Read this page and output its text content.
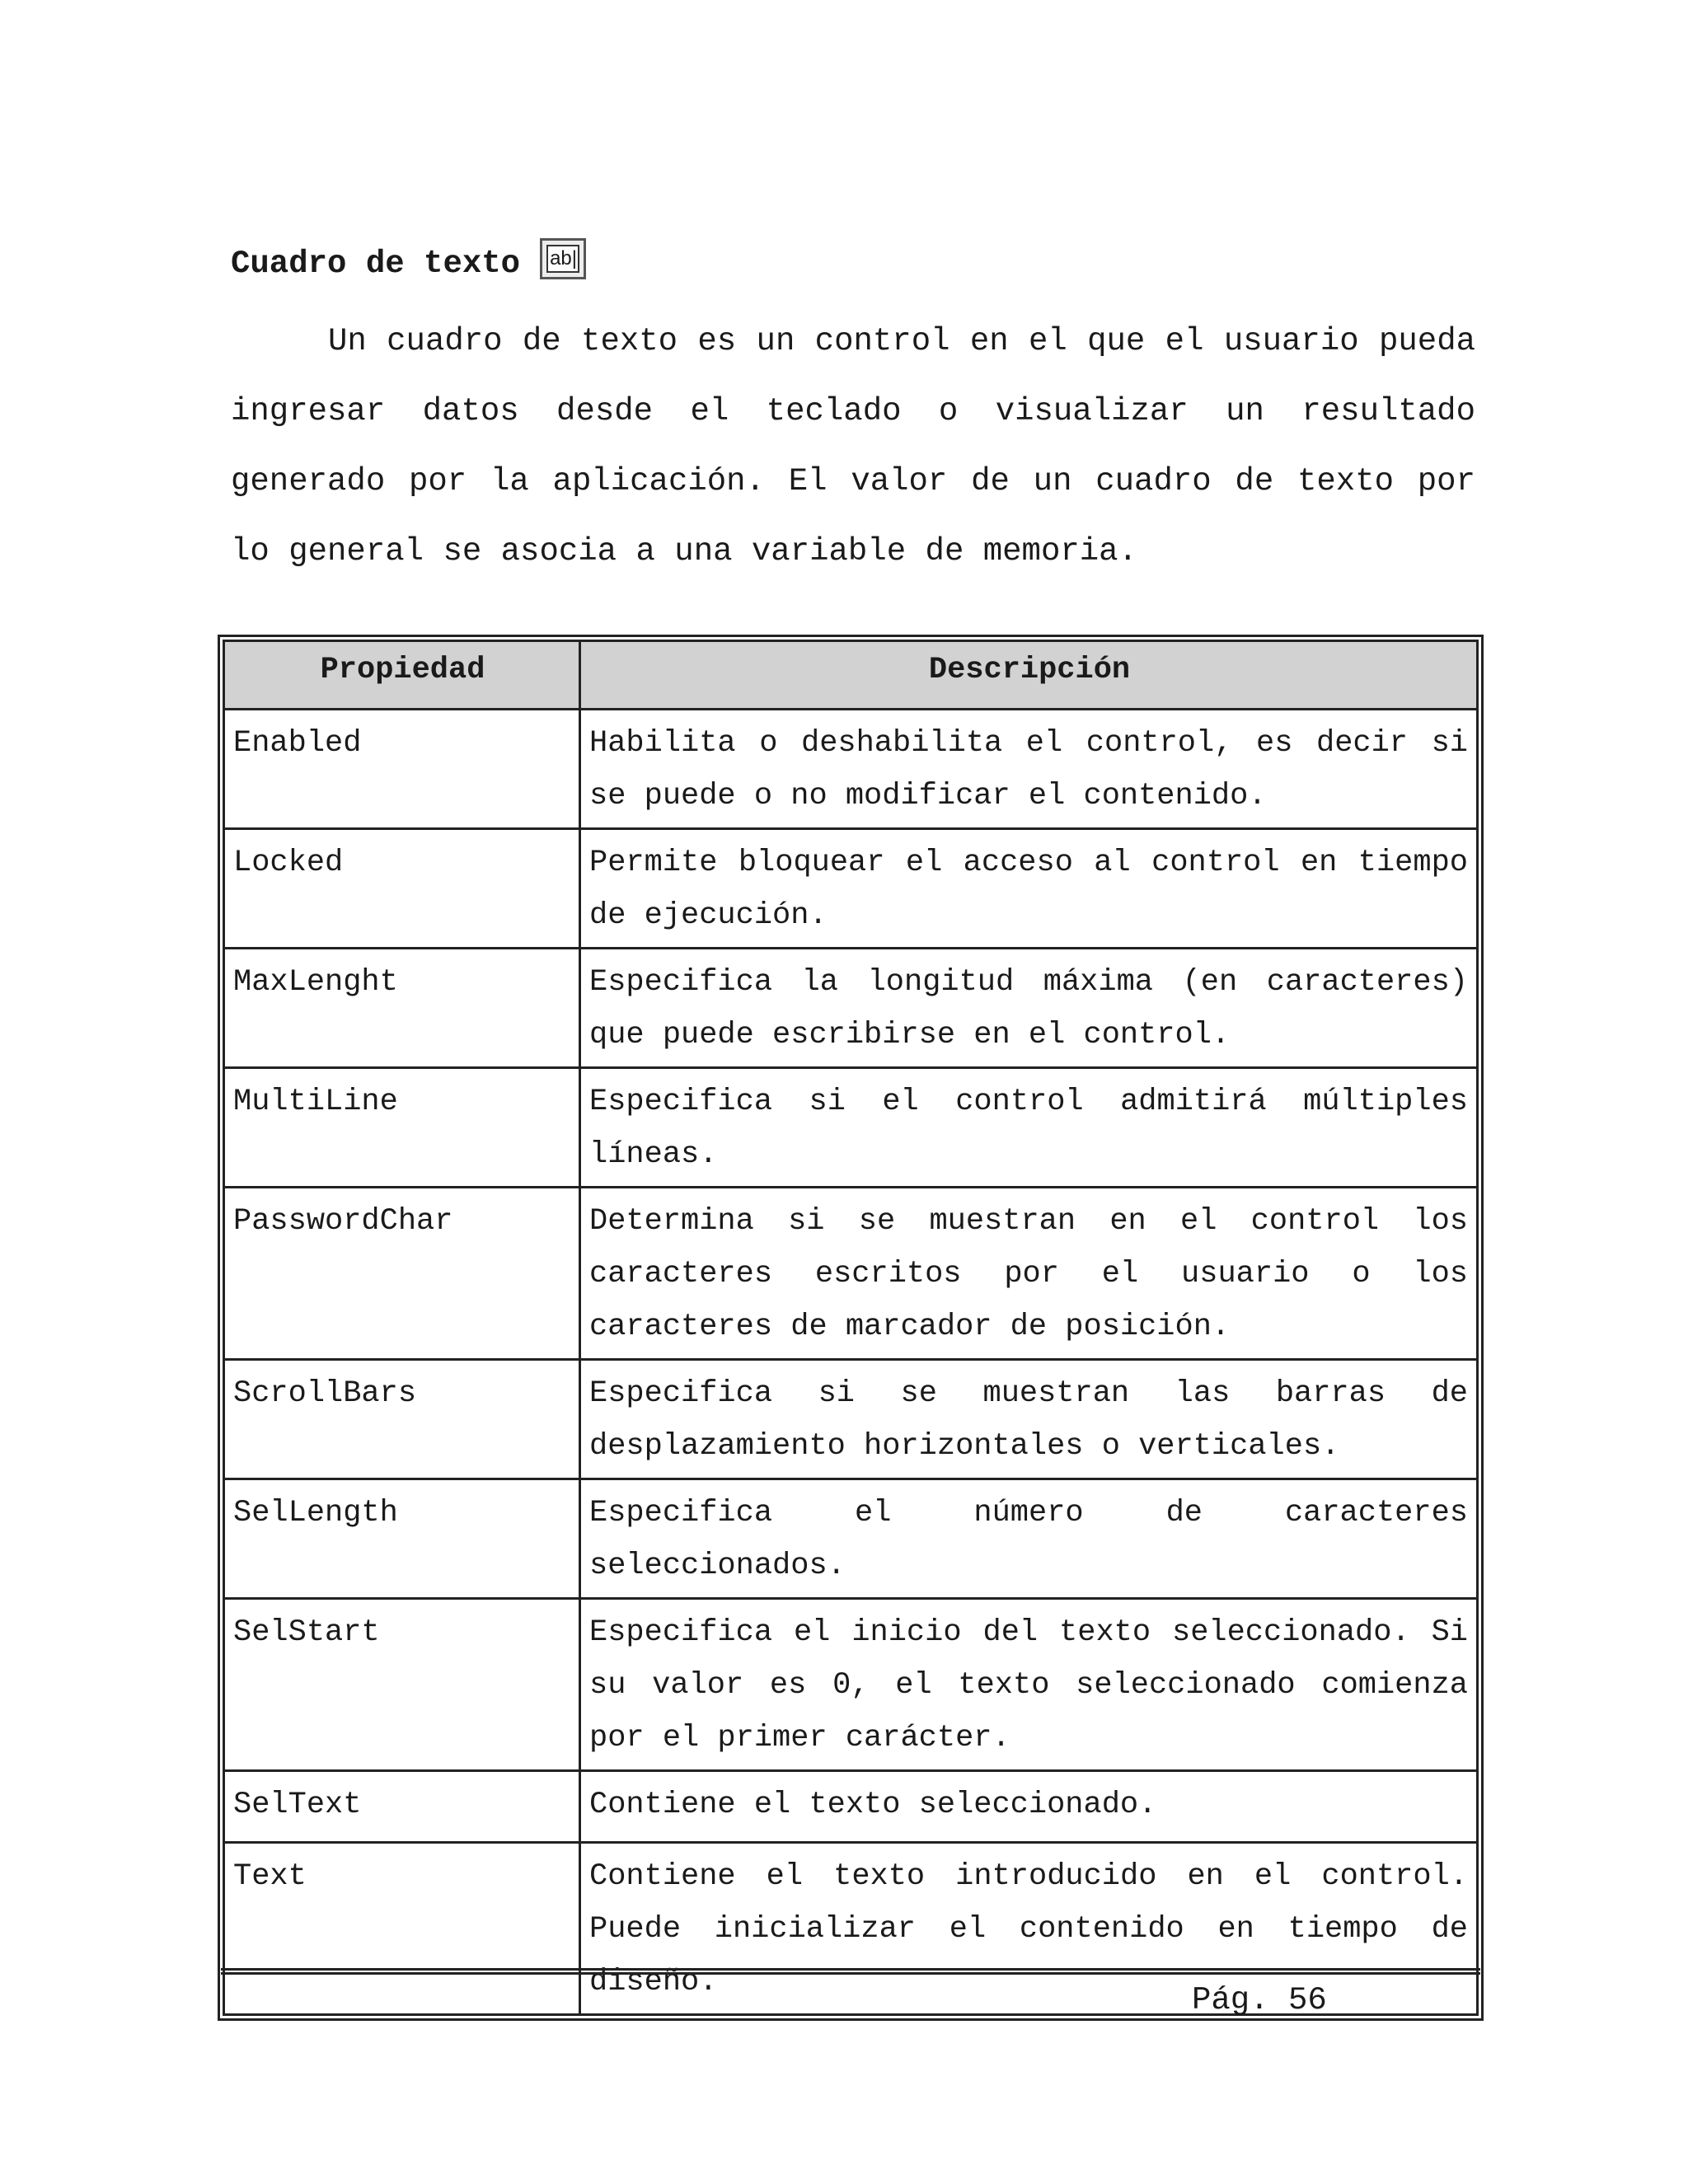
Cuadro de texto ab|

Un cuadro de texto es un control en el que el usuario pueda ingresar datos desde el teclado o visualizar un resultado generado por la aplicación. El valor de un cuadro de texto por lo general se asocia a una variable de memoria.

Propiedad	Descripción
Enabled	Habilita o deshabilita el control, es decir si se puede o no modificar el contenido.
Locked	Permite bloquear el acceso al control en tiempo de ejecución.
MaxLenght	Especifica la longitud máxima (en caracteres) que puede escribirse en el control.
MultiLine	Especifica si el control admitirá múltiples líneas.
PasswordChar	Determina si se muestran en el control los caracteres escritos por el usuario o los caracteres de marcador de posición.
ScrollBars	Especifica si se muestran las barras de desplazamiento horizontales o verticales.
SelLength	Especifica el número de caracteres seleccionados.
SelStart	Especifica el inicio del texto seleccionado. Si su valor es 0, el texto seleccionado comienza por el primer carácter.
SelText	Contiene el texto seleccionado.
Text	Contiene el texto introducido en el control. Puede inicializar el contenido en tiempo de diseño.	Pág. 56
